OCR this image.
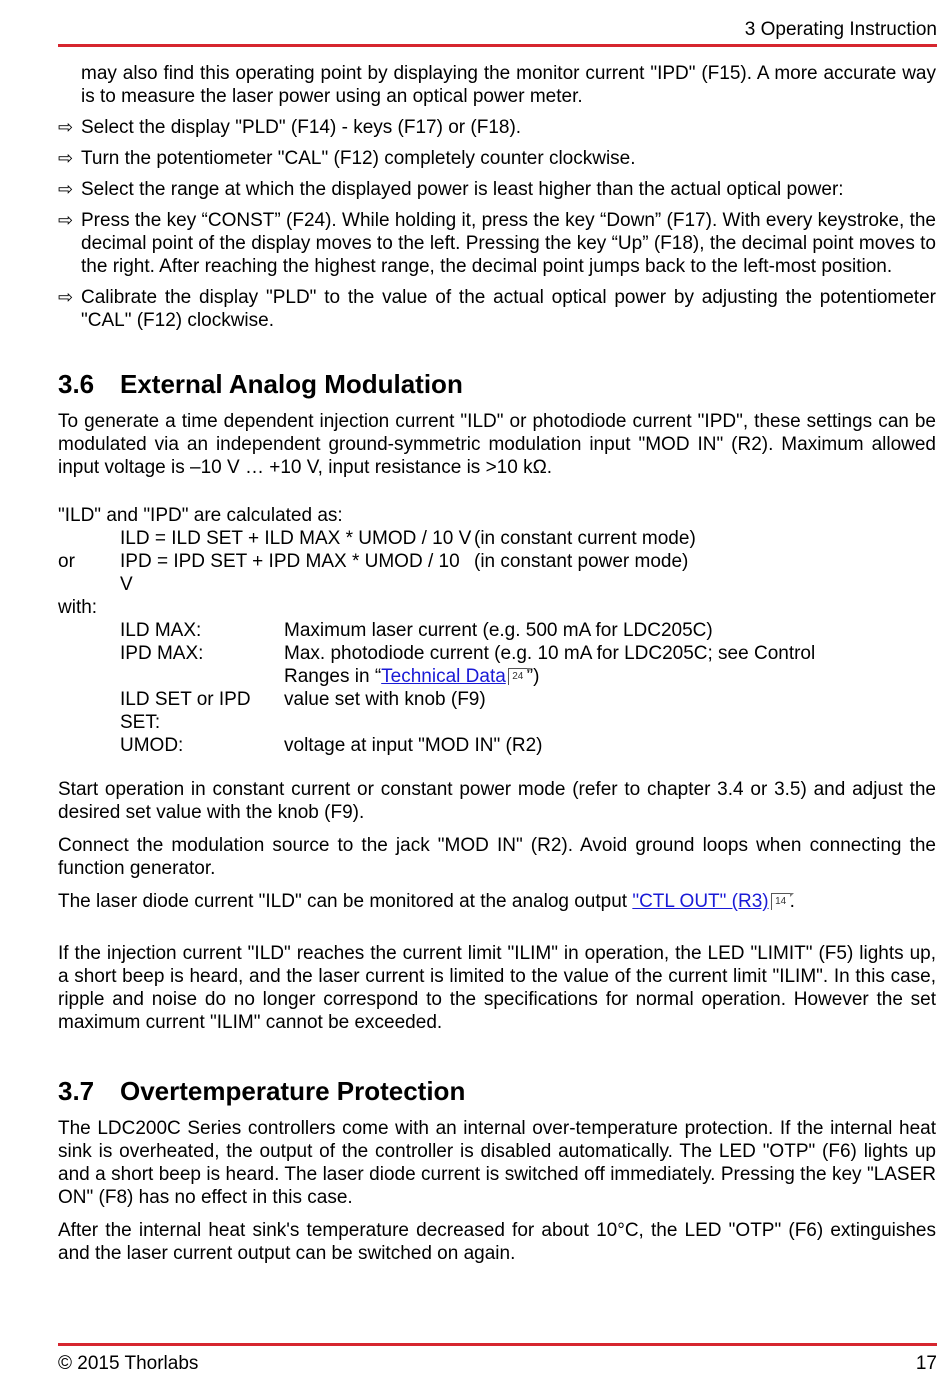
3 Operating Instruction

may also find this operating point by displaying the monitor current "IPD" (F15). A more accurate way is to measure the laser power using an optical power meter.

⇨ Select the display "PLD" (F14) - keys (F17) or (F18).
⇨ Turn the potentiometer "CAL" (F12) completely counter clockwise.
⇨ Select the range at which the displayed power is least higher than the actual optical power:
⇨ Press the key “CONST” (F24). While holding it, press the key “Down” (F17). With every keystroke, the decimal point of the display moves to the left. Pressing the key “Up” (F18), the decimal point moves to the right. After reaching the highest range, the decimal point jumps back to the left-most position.
⇨ Calibrate the display "PLD" to the value of the actual optical power by adjusting the potentiometer "CAL" (F12) clockwise.
3.6 External Analog Modulation

To generate a time dependent injection current "ILD" or photodiode current "IPD", these settings can be modulated via an independent ground-symmetric modulation input "MOD IN" (R2). Maximum allowed input voltage is –10 V … +10 V, input resistance is >10 kΩ.

"ILD" and "IPD" are calculated as:

ILD = ILD SET + ILD MAX * UMOD / 10 V (in constant current mode)
or	IPD = IPD SET + IPD MAX * UMOD / 10 V
(in constant power mode)
with:
ILD MAX:	Maximum laser current (e.g. 500 mA for LDC205C)
IPD MAX:	Max. photodiode current (e.g. 10 mA for LDC205C; see Control
Ranges in “Technical Data 24 ”)
ILD SET or IPD SET:
value set with knob (F9)
UMOD:	voltage at input "MOD IN" (R2)

Start operation in constant current or constant power mode (refer to chapter 3.4 or 3.5) and adjust the desired set value with the knob (F9).

Connect the modulation source to the jack "MOD IN" (R2). Avoid ground loops when connecting the function generator.

The laser diode current "ILD" can be monitored at the analog output "CTL OUT" (R3) 14 .

If the injection current "ILD" reaches the current limit "ILIM" in operation, the LED "LIMIT" (F5) lights up, a short beep is heard, and the laser current is limited to the value of the current limit "ILIM". In this case, ripple and noise do no longer correspond to the specifications for normal operation. However the set maximum current "ILIM" cannot be exceeded.

3.7 Overtemperature Protection

The LDC200C Series controllers come with an internal over-temperature protection. If the internal heat sink is overheated, the output of the controller is disabled automatically. The LED "OTP" (F6) lights up and a short beep is heard. The laser diode current is switched off immediately. Pressing the key "LASER ON" (F8) has no effect in this case.

After the internal heat sink's temperature decreased for about 10°C, the LED "OTP" (F6) extinguishes and the laser current output can be switched on again.

© 2015 Thorlabs	17
